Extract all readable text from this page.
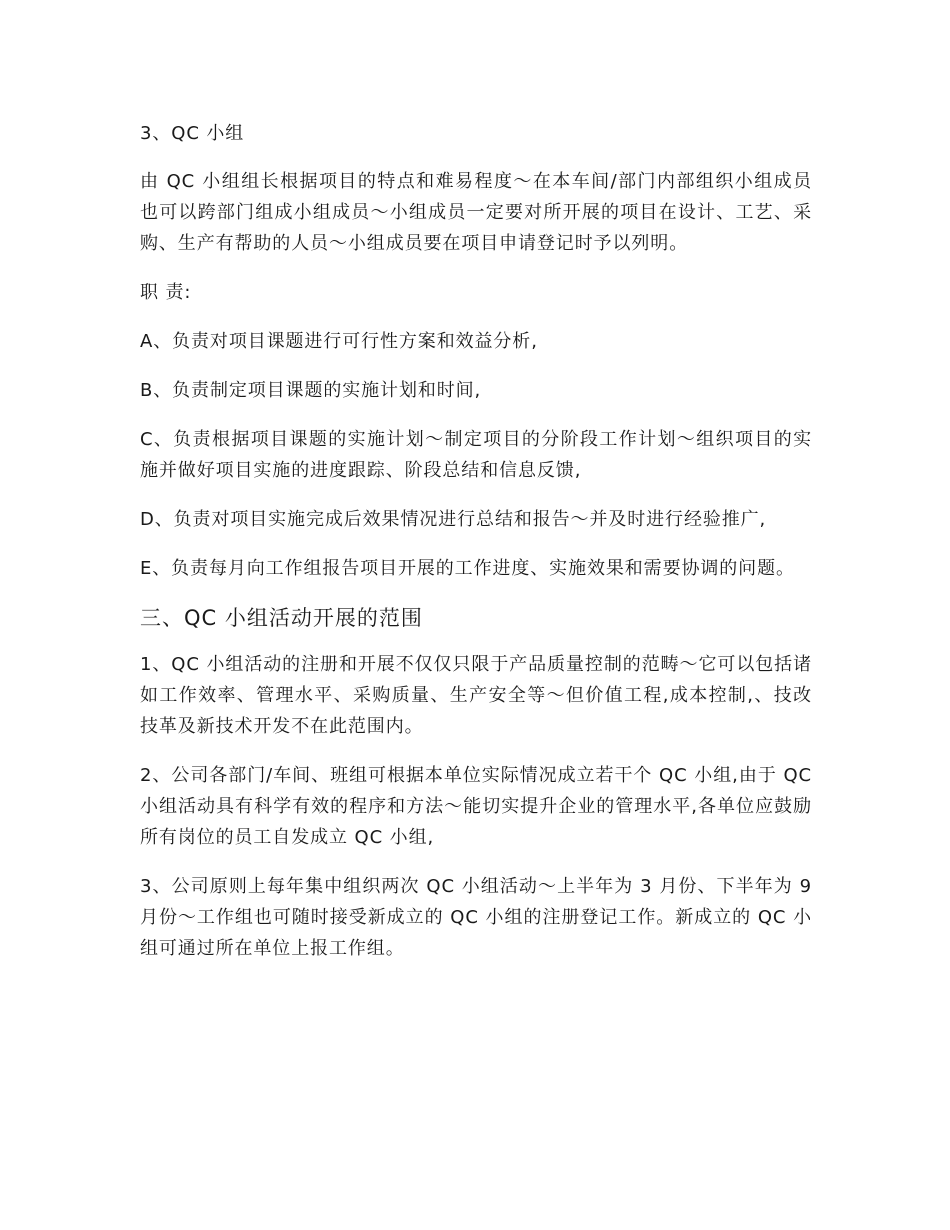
3、QC 小组

由 QC 小组组长根据项目的特点和难易程度～在本车间/部门内部组织小组成员也可以跨部门组成小组成员～小组成员一定要对所开展的项目在设计、工艺、采购、生产有帮助的人员～小组成员要在项目申请登记时予以列明。

职 责:

A、负责对项目课题进行可行性方案和效益分析,

B、负责制定项目课题的实施计划和时间,

C、负责根据项目课题的实施计划～制定项目的分阶段工作计划～组织项目的实施并做好项目实施的进度跟踪、阶段总结和信息反馈,

D、负责对项目实施完成后效果情况进行总结和报告～并及时进行经验推广,

E、负责每月向工作组报告项目开展的工作进度、实施效果和需要协调的问题。

三、QC 小组活动开展的范围

1、QC 小组活动的注册和开展不仅仅只限于产品质量控制的范畴～它可以包括诸如工作效率、管理水平、采购质量、生产安全等～但价值工程,成本控制,、技改技革及新技术开发不在此范围内。

2、公司各部门/车间、班组可根据本单位实际情况成立若干个 QC 小组,由于 QC 小组活动具有科学有效的程序和方法～能切实提升企业的管理水平,各单位应鼓励所有岗位的员工自发成立 QC 小组,

3、公司原则上每年集中组织两次 QC 小组活动～上半年为 3 月份、下半年为 9 月份～工作组也可随时接受新成立的 QC 小组的注册登记工作。新成立的 QC 小组可通过所在单位上报工作组。
